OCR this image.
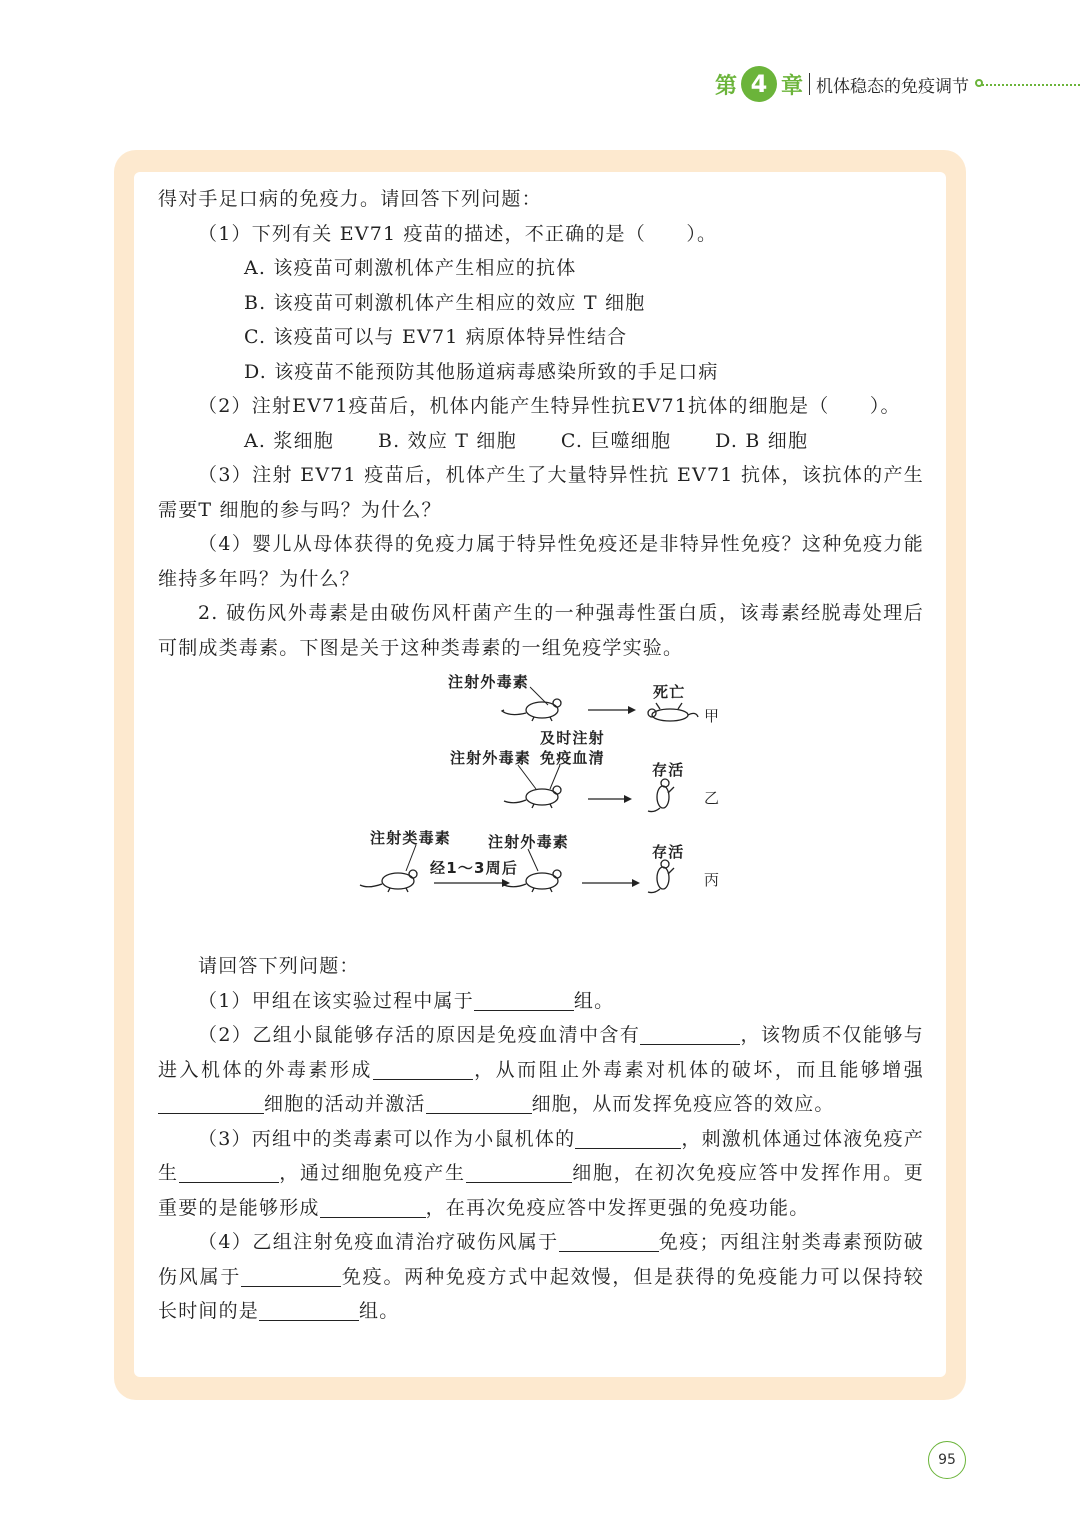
第 4 章 机体稳态的免疫调节

得对手足口病的免疫力。请回答下列问题：

（1）下列有关 EV71 疫苗的描述，不正确的是（　　）。

A. 该疫苗可刺激机体产生相应的抗体

B. 该疫苗可刺激机体产生相应的效应 T 细胞

C. 该疫苗可以与 EV71 病原体特异性结合

D. 该疫苗不能预防其他肠道病毒感染所致的手足口病

（2）注射EV71疫苗后，机体内能产生特异性抗EV71抗体的细胞是（　　）。

A. 浆细胞 B. 效应 T 细胞 C. 巨噬细胞 D. B 细胞

（3）注射 EV71 疫苗后，机体产生了大量特异性抗 EV71 抗体，该抗体的产生需要T 细胞的参与吗？为什么？

（4）婴儿从母体获得的免疫力属于特异性免疫还是非特异性免疫？这种免疫力能维持多年吗？为什么？

2. 破伤风外毒素是由破伤风杆菌产生的一种强毒性蛋白质，该毒素经脱毒处理后可制成类毒素。下图是关于这种类毒素的一组免疫学实验。

注射外毒素
死亡
甲
及时注射
免疫血清
注射外毒素
存活
乙
注射类毒素
经1～3周后
注射外毒素
存活
丙

请回答下列问题：

（1）甲组在该实验过程中属于	组。

（2）乙组小鼠能够存活的原因是免疫血清中含有	，该物质不仅能够与进入机体的外毒素形成	，从而阻止外毒素对机体的破坏，而且能够增强细胞的活动并激活	细胞，从而发挥免疫应答的效应。

（3）丙组中的类毒素可以作为小鼠机体的	，刺激机体通过体液免疫产生	，通过细胞免疫产生	细胞，在初次免疫应答中发挥作用。更重要的是能够形成	，在再次免疫应答中发挥更强的免疫功能。

（4）乙组注射免疫血清治疗破伤风属于	免疫；丙组注射类毒素预防破伤风属于	免疫。两种免疫方式中起效慢，但是获得的免疫能力可以保持较长时间的是	组。

95
